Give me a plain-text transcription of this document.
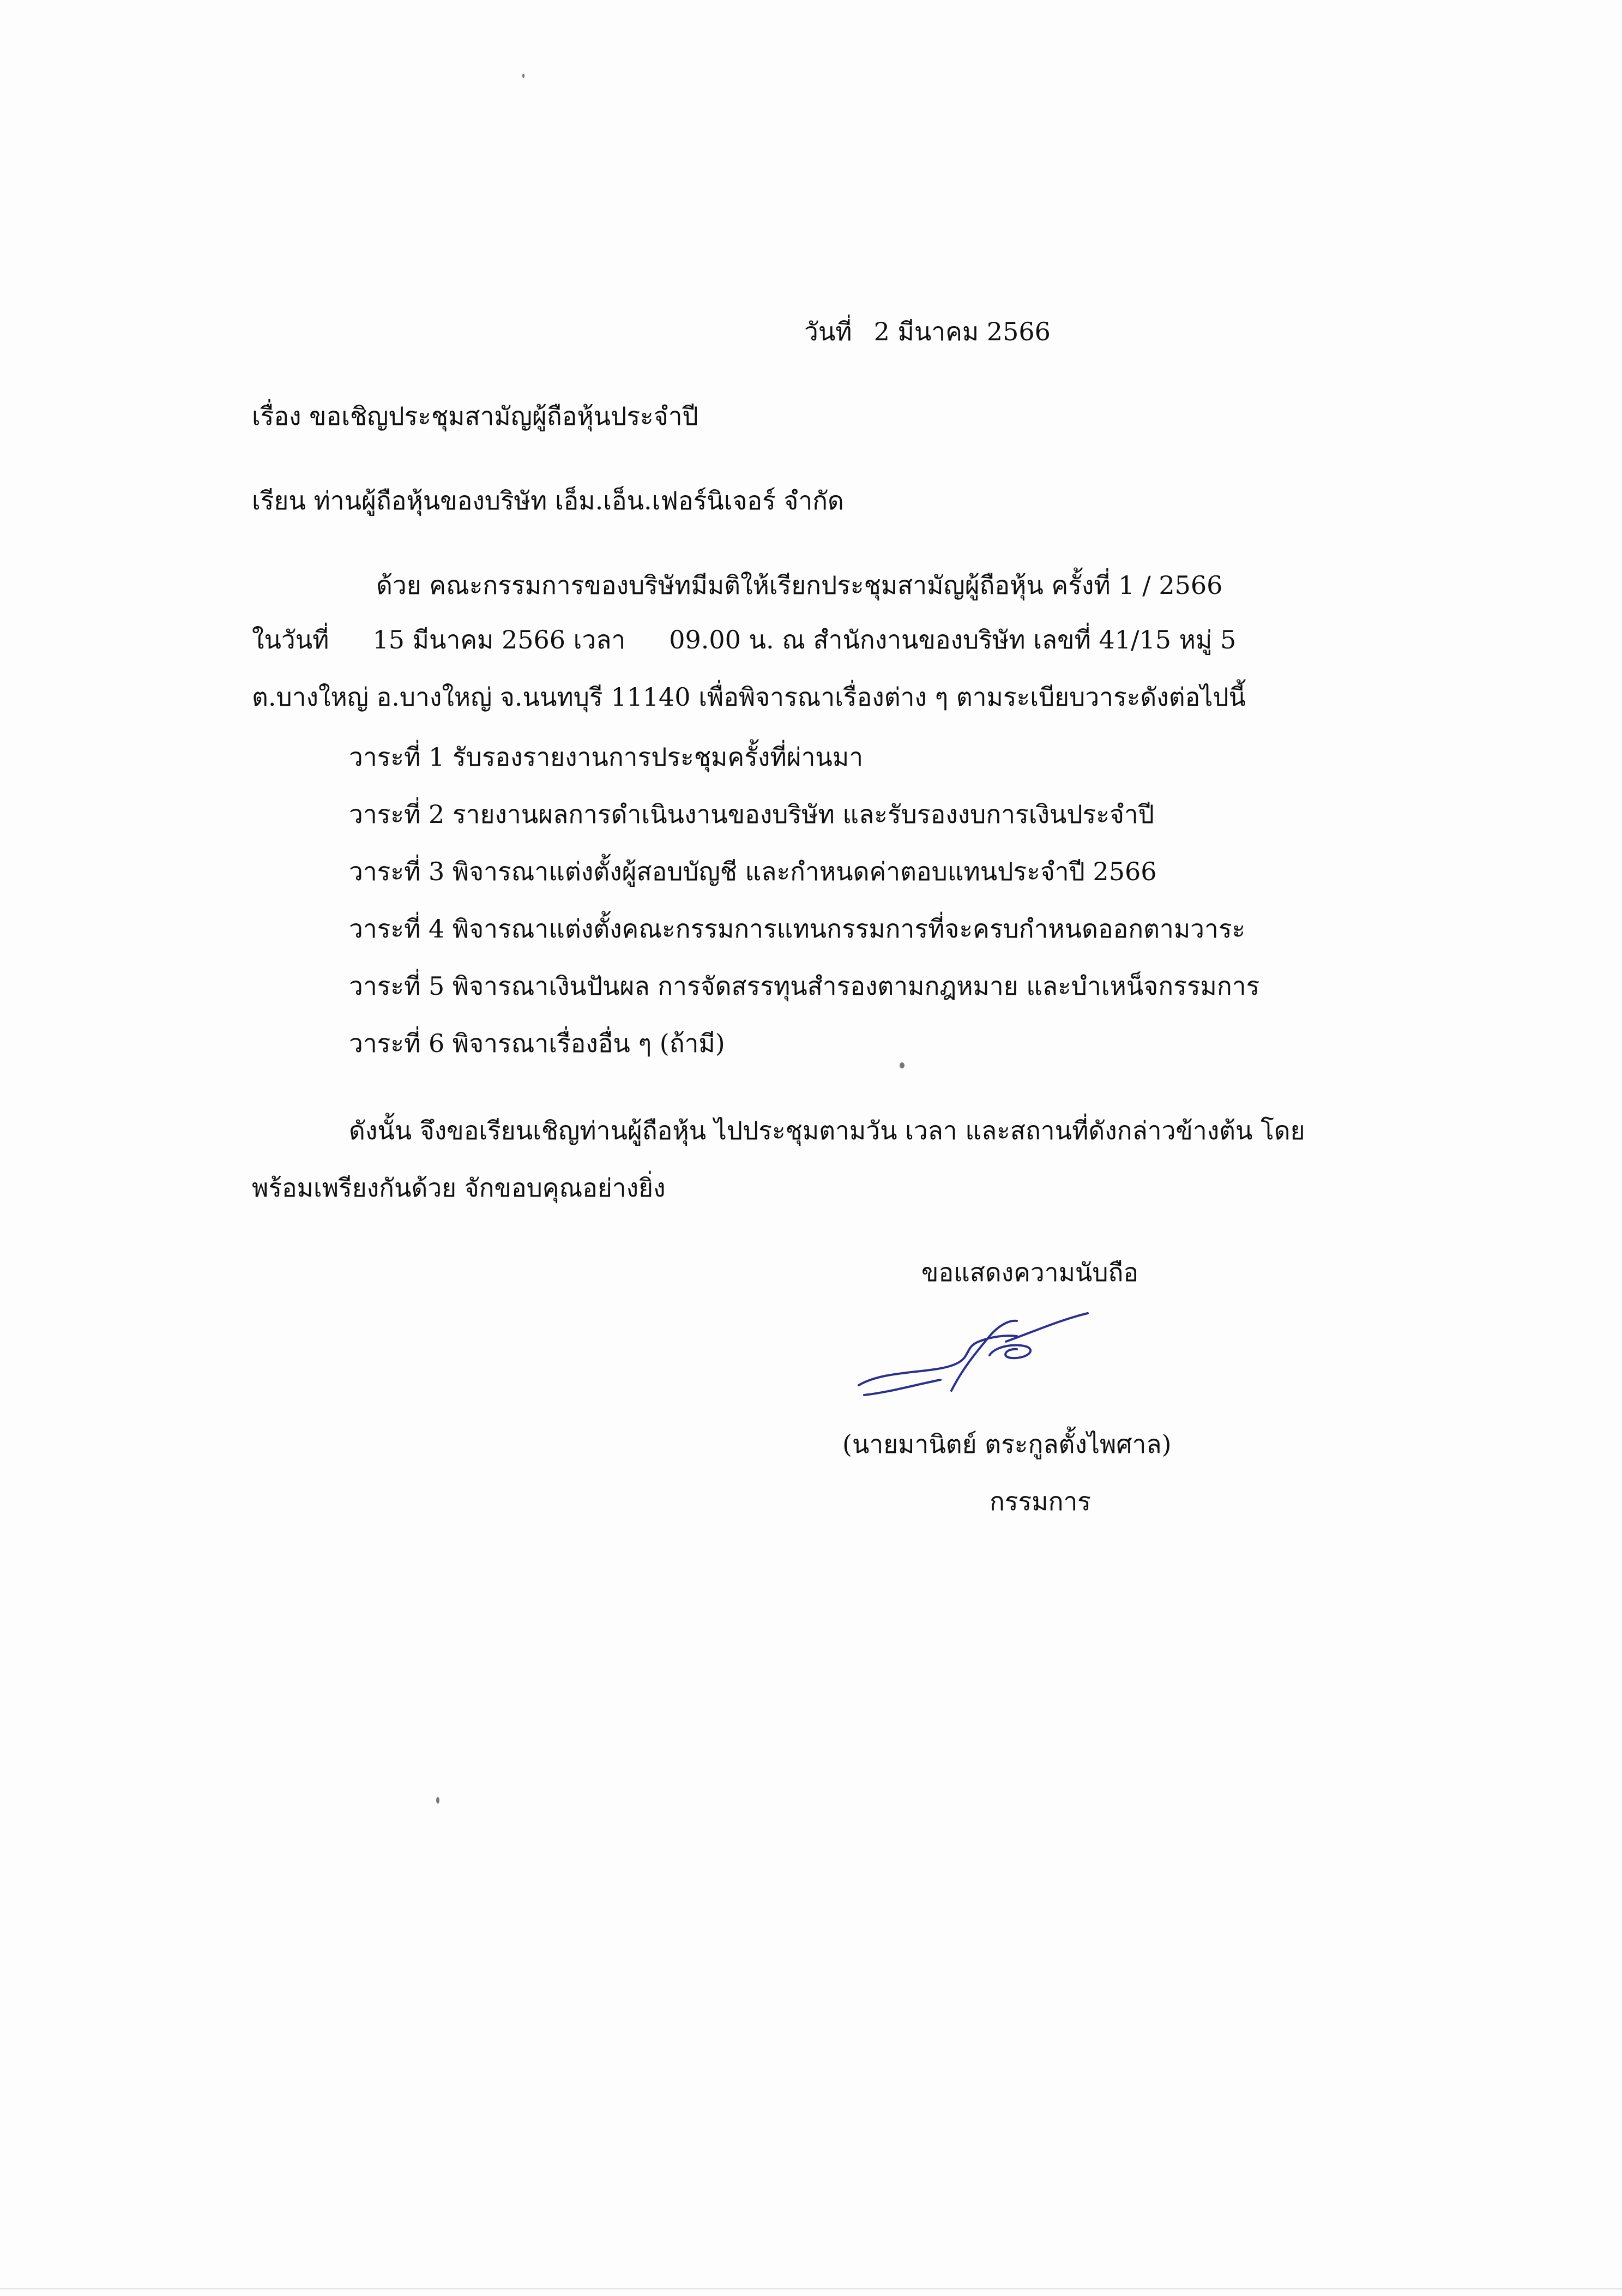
วันที่ 2 มีนาคม 2566
เรื่อง ขอเชิญประชุมสามัญผู้ถือหุ้นประจำปี
เรียน ท่านผู้ถือหุ้นของบริษัท เอ็ม.เอ็น.เฟอร์นิเจอร์ จำกัด
ด้วย คณะกรรมการของบริษัทมีมติให้เรียกประชุมสามัญผู้ถือหุ้น ครั้งที่ 1 / 2566
ในวันที่ 15 มีนาคม 2566 เวลา 09.00 น. ณ สำนักงานของบริษัท เลขที่ 41/15 หมู่ 5
ต.บางใหญ่ อ.บางใหญ่ จ.นนทบุรี 11140 เพื่อพิจารณาเรื่องต่าง ๆ ตามระเบียบวาระดังต่อไปนี้
วาระที่ 1 รับรองรายงานการประชุมครั้งที่ผ่านมา
วาระที่ 2 รายงานผลการดำเนินงานของบริษัท และรับรองงบการเงินประจำปี
วาระที่ 3 พิจารณาแต่งตั้งผู้สอบบัญชี และกำหนดค่าตอบแทนประจำปี 2566
วาระที่ 4 พิจารณาแต่งตั้งคณะกรรมการแทนกรรมการที่จะครบกำหนดออกตามวาระ
วาระที่ 5 พิจารณาเงินปันผล การจัดสรรทุนสำรองตามกฎหมาย และบำเหน็จกรรมการ
วาระที่ 6 พิจารณาเรื่องอื่น ๆ (ถ้ามี)
ดังนั้น จึงขอเรียนเชิญท่านผู้ถือหุ้น ไปประชุมตามวัน เวลา และสถานที่ดังกล่าวข้างต้น โดย
พร้อมเพรียงกันด้วย จักขอบคุณอย่างยิ่ง
ขอแสดงความนับถือ
(นายมานิตย์ ตระกูลตั้งไพศาล)
กรรมการ
